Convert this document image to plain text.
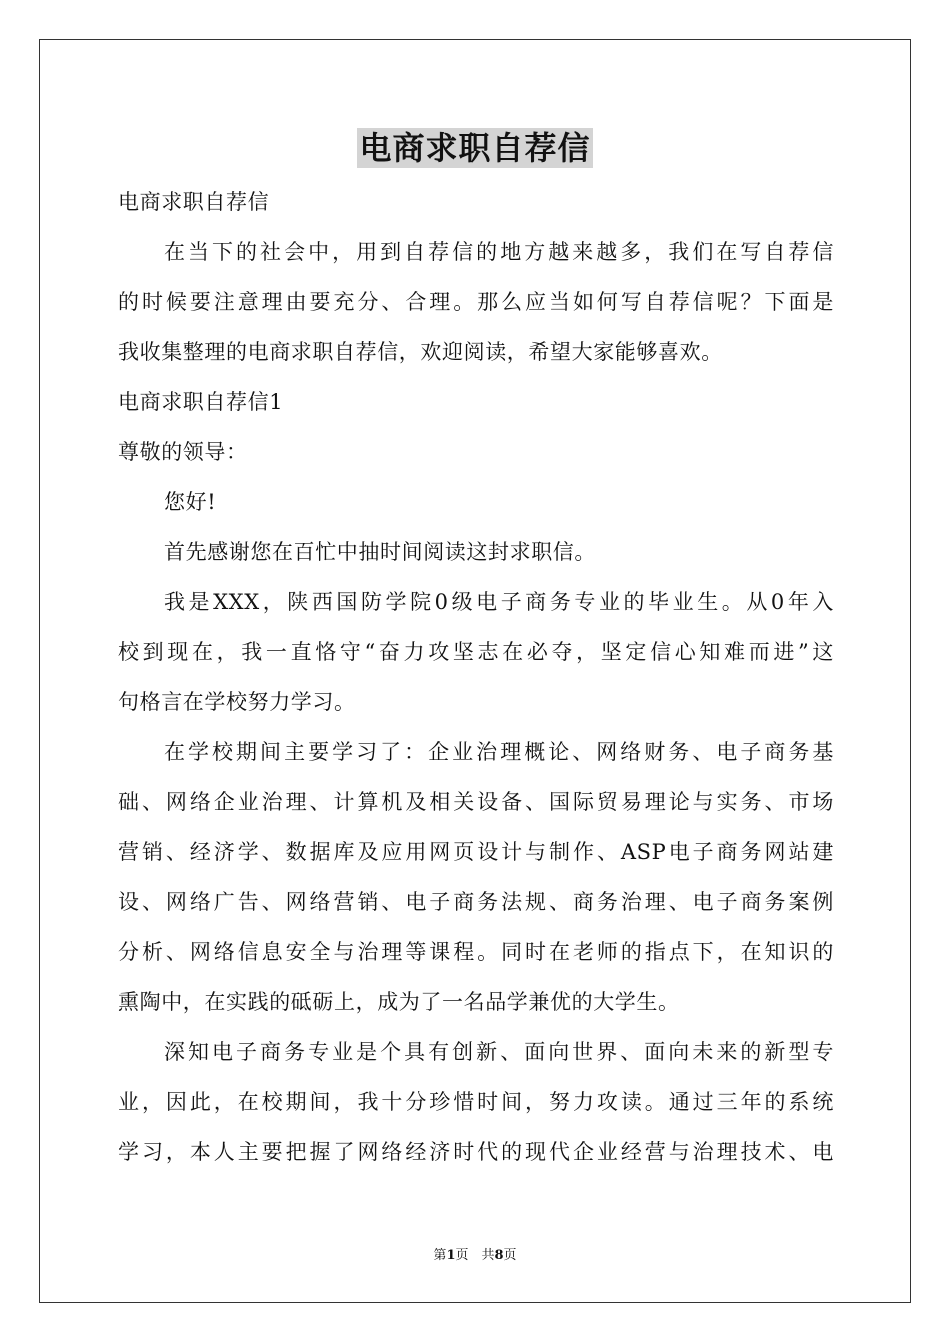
电商求职自荐信

电商求职自荐信

在当下的社会中，用到自荐信的地方越来越多，我们在写自荐信

的时候要注意理由要充分、合理。那么应当如何写自荐信呢？下面是

我收集整理的电商求职自荐信，欢迎阅读，希望大家能够喜欢。

电商求职自荐信1

尊敬的领导：

您好!

首先感谢您在百忙中抽时间阅读这封求职信。

我是XXX，陕西国防学院0级电子商务专业的毕业生。从0年入

校到现在，我一直恪守“奋力攻坚志在必夺，坚定信心知难而进”这

句格言在学校努力学习。

在学校期间主要学习了：企业治理概论、网络财务、电子商务基

础、网络企业治理、计算机及相关设备、国际贸易理论与实务、市场

营销、经济学、数据库及应用网页设计与制作、ASP电子商务网站建

设、网络广告、网络营销、电子商务法规、商务治理、电子商务案例

分析、网络信息安全与治理等课程。同时在老师的指点下，在知识的

熏陶中，在实践的砥砺上，成为了一名品学兼优的大学生。

深知电子商务专业是个具有创新、面向世界、面向未来的新型专

业，因此，在校期间，我十分珍惜时间，努力攻读。通过三年的系统

学习，本人主要把握了网络经济时代的现代企业经营与治理技术、电

第1页　共8页
